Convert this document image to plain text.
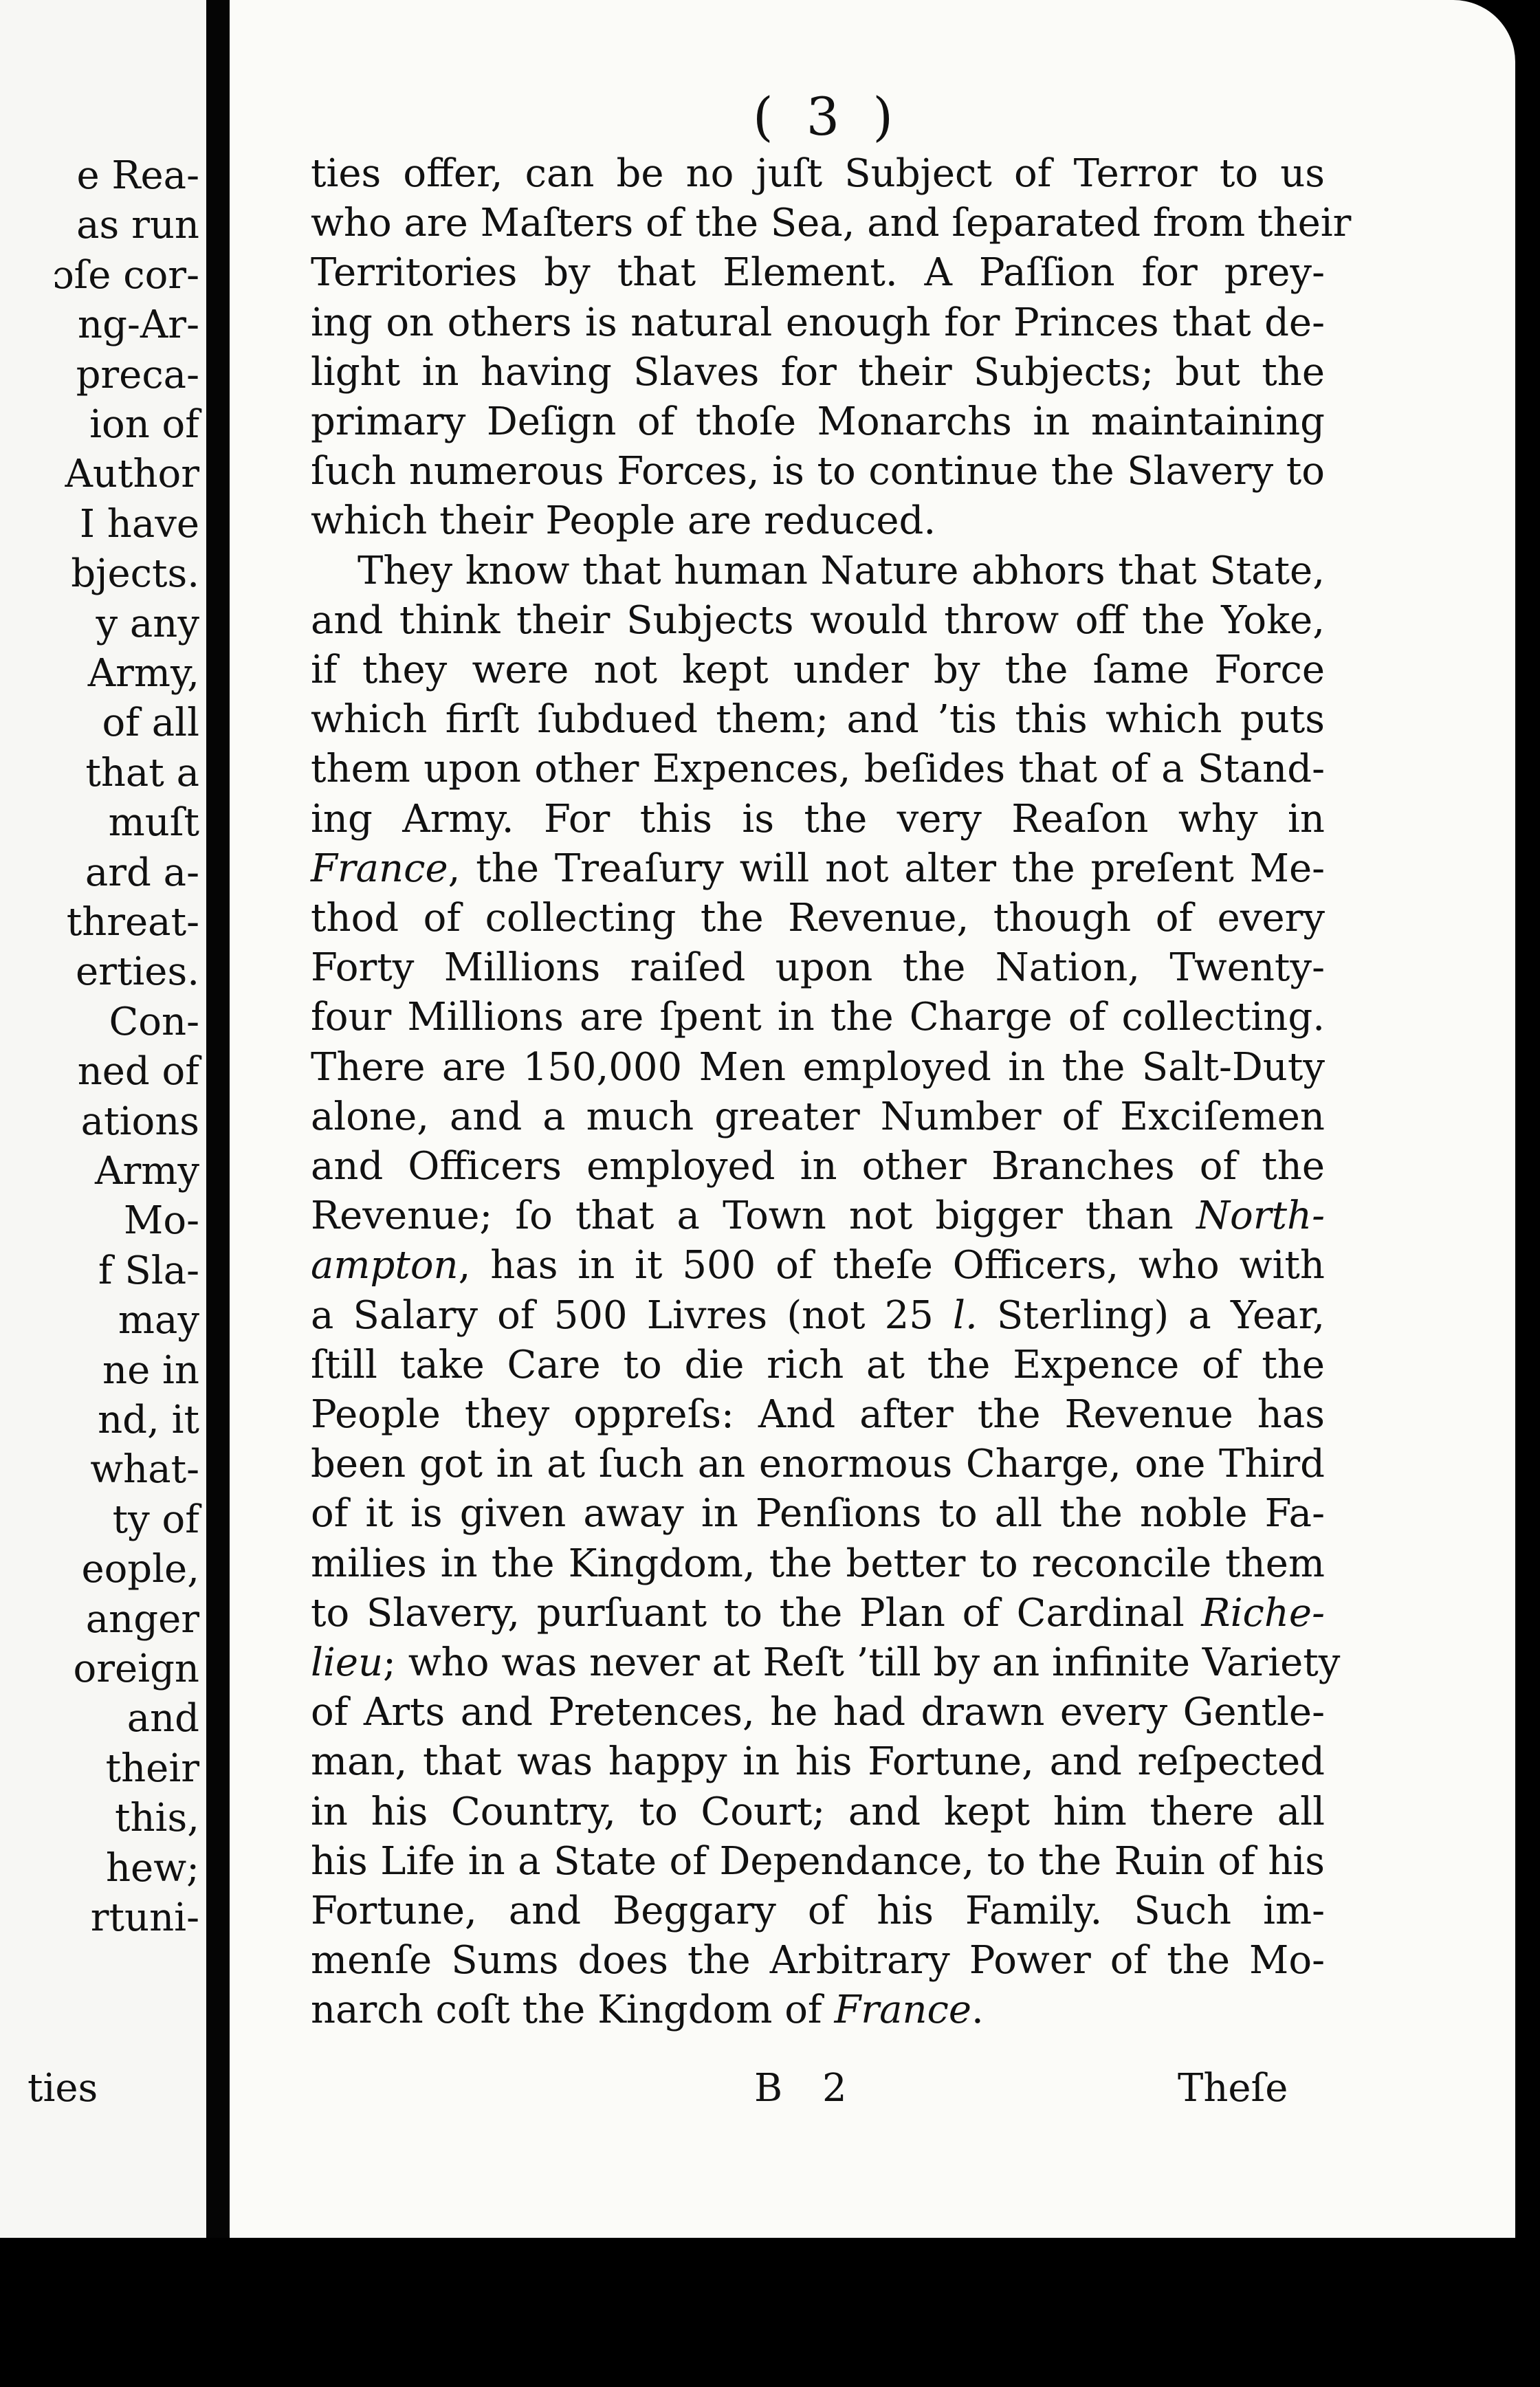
e Rea-
as run
ɔſe cor-
ng-Ar-
preca-
ion of
Author
I have
bjects.
y any
Army,
of all
that a
muſt
ard a-
threat-
erties.
Con-
ned of
ations
Army
Mo-
f Sla-
may
ne in
nd, it
what-
ty of
eople,
anger
oreign
and
their
this,
hew;
rtuni-
( 3 )
B 2	Theſe
ties
ties offer, can be no juſt Subject of Terror to us
who are Maſters of the Sea, and ſeparated from their
Territories by that Element. A Paſſion for prey-
ing on others is natural enough for Princes that de-
light in having Slaves for their Subjects; but the
primary Deſign of thoſe Monarchs in maintaining
ſuch numerous Forces, is to continue the Slavery to
which their People are reduced.
They know that human Nature abhors that State,
and think their Subjects would throw off the Yoke,
if they were not kept under by the ſame Force
which firſt ſubdued them; and ’tis this which puts
them upon other Expences, beſides that of a Stand-
ing Army. For this is the very Reaſon why in
France, the Treaſury will not alter the preſent Me-
thod of collecting the Revenue, though of every
Forty Millions raiſed upon the Nation, Twenty-
four Millions are ſpent in the Charge of collecting.
There are 150,000 Men employed in the Salt-Duty
alone, and a much greater Number of Exciſemen
and Officers employed in other Branches of the
Revenue; ſo that a Town not bigger than North-
ampton, has in it 500 of theſe Officers, who with
a Salary of 500 Livres (not 25 l. Sterling) a Year,
ſtill take Care to die rich at the Expence of the
People they oppreſs: And after the Revenue has
been got in at ſuch an enormous Charge, one Third
of it is given away in Penſions to all the noble Fa-
milies in the Kingdom, the better to reconcile them
to Slavery, purſuant to the Plan of Cardinal Riche-
lieu; who was never at Reſt ’till by an infinite Variety
of Arts and Pretences, he had drawn every Gentle-
man, that was happy in his Fortune, and reſpected
in his Country, to Court; and kept him there all
his Life in a State of Dependance, to the Ruin of his
Fortune, and Beggary of his Family. Such im-
menſe Sums does the Arbitrary Power of the Mo-
narch coſt the Kingdom of France.
